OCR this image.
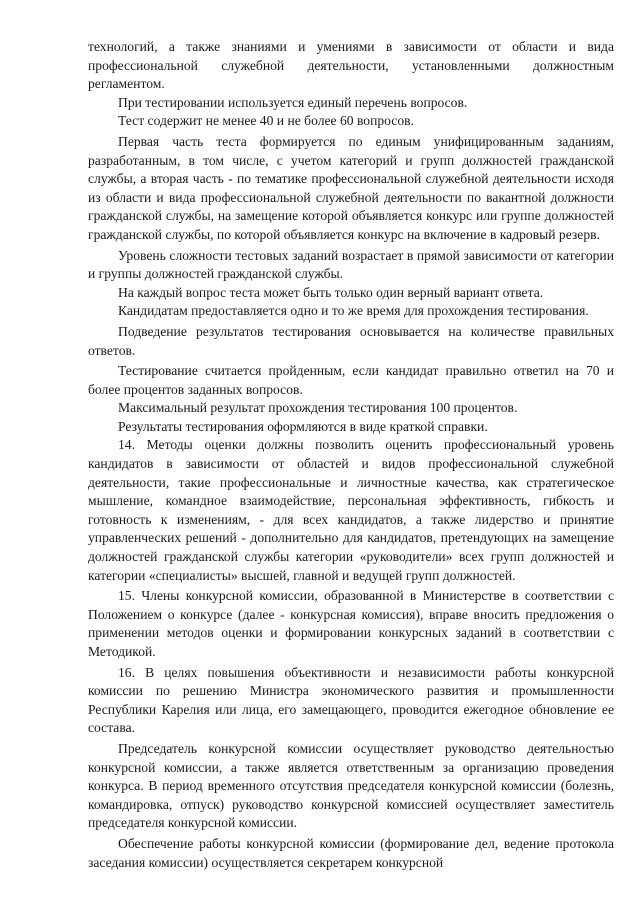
технологий, а также знаниями и умениями в зависимости от области и вида профессиональной служебной деятельности, установленными должностным регламентом.

При тестировании используется единый перечень вопросов.

Тест содержит не менее 40 и не более 60 вопросов.

Первая часть теста формируется по единым унифицированным заданиям, разработанным, в том числе, с учетом категорий и групп должностей гражданской службы, а вторая часть - по тематике профессиональной служебной деятельности исходя из области и вида профессиональной служебной деятельности по вакантной должности гражданской службы, на замещение которой объявляется конкурс или группе должностей гражданской службы, по которой объявляется конкурс на включение в кадровый резерв.

Уровень сложности тестовых заданий возрастает в прямой зависимости от категории и группы должностей гражданской службы.

На каждый вопрос теста может быть только один верный вариант ответа.

Кандидатам предоставляется одно и то же время для прохождения тестирования.

Подведение результатов тестирования основывается на количестве правильных ответов.

Тестирование считается пройденным, если кандидат правильно ответил на 70 и более процентов заданных вопросов.

Максимальный результат прохождения тестирования 100 процентов.

Результаты тестирования оформляются в виде краткой справки.

14. Методы оценки должны позволить оценить профессиональный уровень кандидатов в зависимости от областей и видов профессиональной служебной деятельности, такие профессиональные и личностные качества, как стратегическое мышление, командное взаимодействие, персональная эффективность, гибкость и готовность к изменениям, - для всех кандидатов, а также лидерство и принятие управленческих решений - дополнительно для кандидатов, претендующих на замещение должностей гражданской службы категории «руководители» всех групп должностей и категории «специалисты» высшей, главной и ведущей групп должностей.

15. Члены конкурсной комиссии, образованной в Министерстве в соответствии с Положением о конкурсе (далее - конкурсная комиссия), вправе вносить предложения о применении методов оценки и формировании конкурсных заданий в соответствии с Методикой.

16. В целях повышения объективности и независимости работы конкурсной комиссии по решению Министра экономического развития и промышленности Республики Карелия или лица, его замещающего, проводится ежегодное обновление ее состава.

Председатель конкурсной комиссии осуществляет руководство деятельностью конкурсной комиссии, а также является ответственным за организацию проведения конкурса. В период временного отсутствия председателя конкурсной комиссии (болезнь, командировка, отпуск) руководство конкурсной комиссией осуществляет заместитель председателя конкурсной комиссии.

Обеспечение работы конкурсной комиссии (формирование дел, ведение протокола заседания комиссии) осуществляется секретарем конкурсной
